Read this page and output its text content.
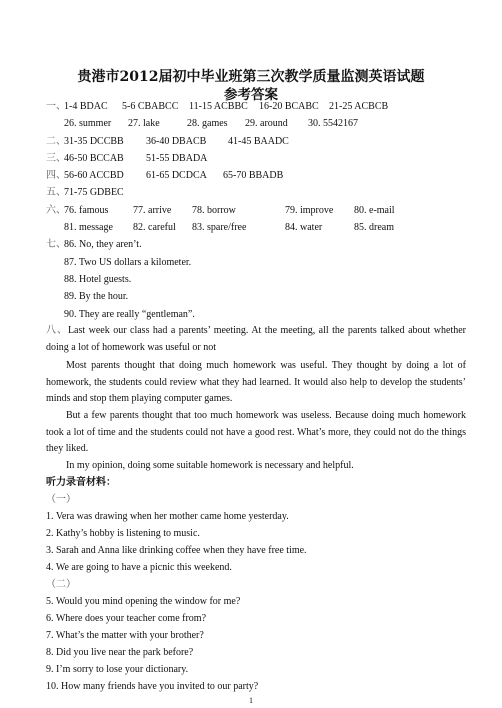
贵港市2012届初中毕业班第三次教学质量监测英语试题
参考答案
一、
1-4 BDAC 5-6 CBABCC 11-15 ACBBC 16-20 BCABC 21-25 ACBCB
26. summer 27. lake	28. games 29. around 30. 5542167
二、
31-35 DCCBB 36-40 DBACB 41-45 BAADC
三、
46-50 BCCAB 51-55 DBADA
四、
56-60 ACCBD 61-65 DCDCA 65-70 BBADB
五、
71-75 GDBEC
六、
76. famous 77. arrive 78. borrow	79. improve 80. e-mail
81. message 82. careful 83. spare/free	84. water	85. dream
七、
86. No, they aren’t.
87. Two US dollars a kilometer.
88. Hotel guests.
89. By the hour.
90. They are really “gentleman”.
八、Last week our class had a parents’ meeting. At the meeting, all the parents talked about whether doing a lot of homework was useful or not
Most parents thought that doing much homework was useful. They thought by doing a lot of homework, the students could review what they had learned. It would also help to develop the students’ minds and stop them playing computer games.
But a few parents thought that too much homework was useless. Because doing much homework took a lot of time and the students could not have a good rest. What’s more, they could not do the things they liked.
In my opinion, doing some suitable homework is necessary and helpful.
听力录音材料：
（一）
1. Vera was drawing when her mother came home yesterday.
2. Kathy’s hobby is listening to music.
3. Sarah and Anna like drinking coffee when they have free time.
4. We are going to have a picnic this weekend.
（二）
5. Would you mind opening the window for me?
6. Where does your teacher come from?
7. What’s the matter with your brother?
8. Did you live near the park before?
9. I’m sorry to lose your dictionary.
10. How many friends have you invited to our party?
1
